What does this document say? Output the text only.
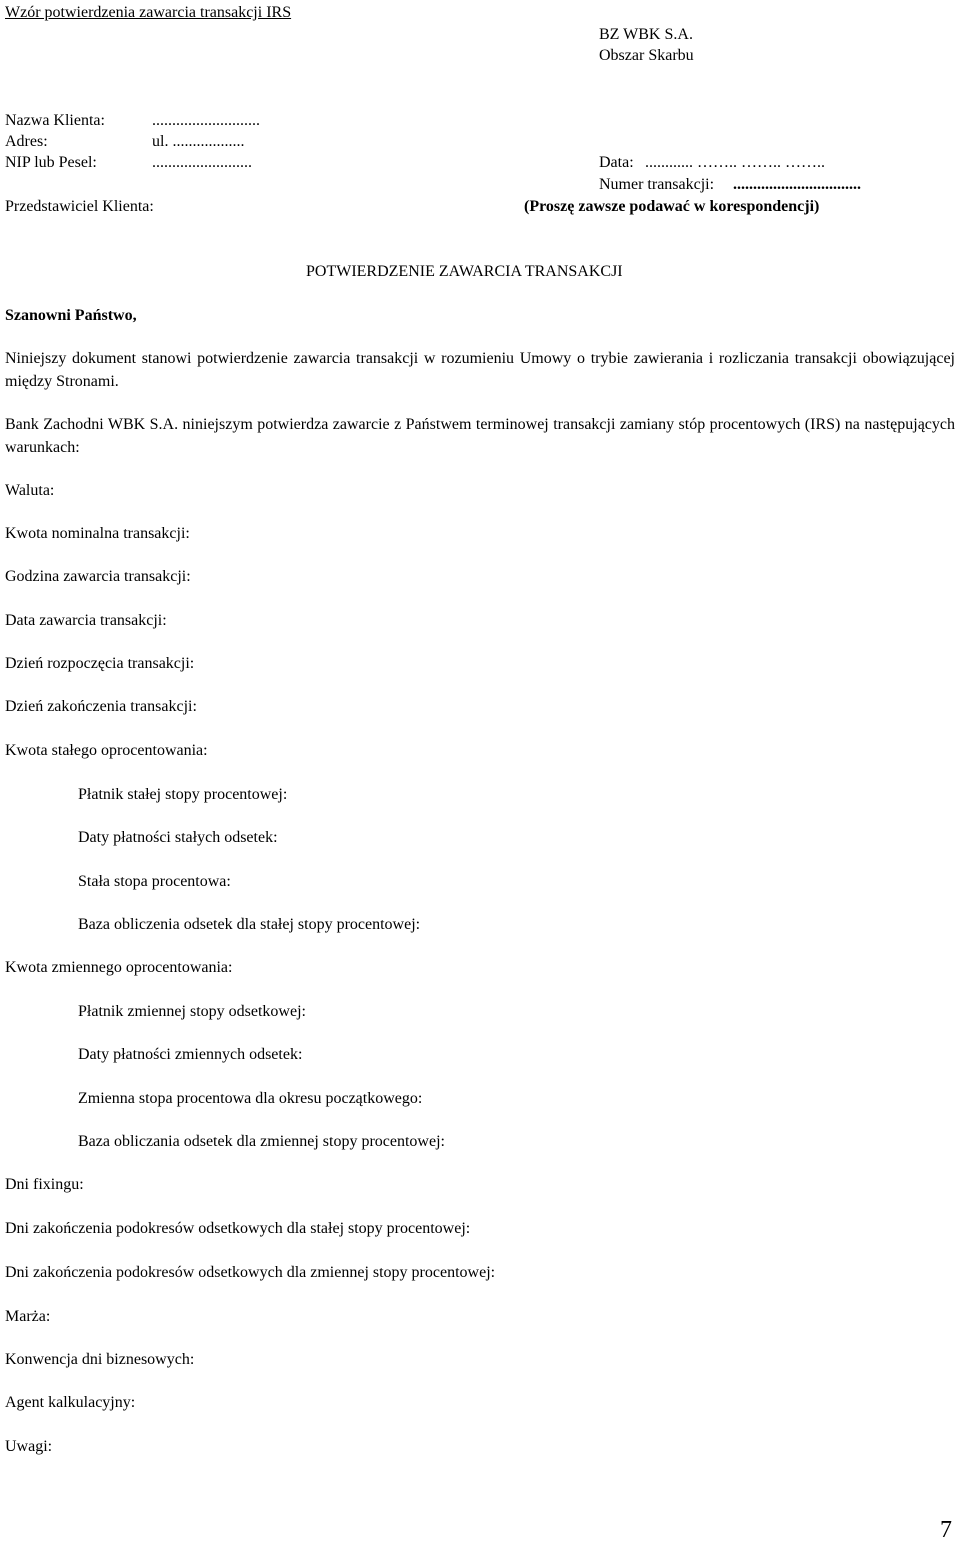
Wzór potwierdzenia zawarcia transakcji IRS
BZ WBK S.A.
Obszar Skarbu
Nazwa Klienta:	...........................
Adres:	ul. ..................
NIP lub Pesel:	.........................	Data: ............ …….. …….. ……..
Numer transakcji: ................................
Przedstawiciel Klienta:	(Proszę zawsze podawać w korespondencji)
POTWIERDZENIE ZAWARCIA TRANSAKCJI
Szanowni Państwo,
Niniejszy dokument stanowi potwierdzenie zawarcia transakcji w rozumieniu Umowy o trybie zawierania i rozliczania transakcji obowiązującej między Stronami.
Bank Zachodni WBK S.A. niniejszym potwierdza zawarcie z Państwem terminowej transakcji zamiany stóp procentowych (IRS) na następujących warunkach:
Waluta:
Kwota nominalna transakcji:
Godzina zawarcia transakcji:
Data zawarcia transakcji:
Dzień rozpoczęcia transakcji:
Dzień zakończenia transakcji:
Kwota stałego oprocentowania:
Płatnik stałej stopy procentowej:
Daty płatności stałych odsetek:
Stała stopa procentowa:
Baza obliczenia odsetek dla stałej stopy procentowej:
Kwota zmiennego oprocentowania:
Płatnik zmiennej stopy odsetkowej:
Daty płatności zmiennych odsetek:
Zmienna stopa procentowa dla okresu początkowego:
Baza obliczania odsetek dla zmiennej stopy procentowej:
Dni fixingu:
Dni zakończenia podokresów odsetkowych dla stałej stopy procentowej:
Dni zakończenia podokresów odsetkowych dla zmiennej stopy procentowej:
Marża:
Konwencja dni biznesowych:
Agent kalkulacyjny:
Uwagi:
7
